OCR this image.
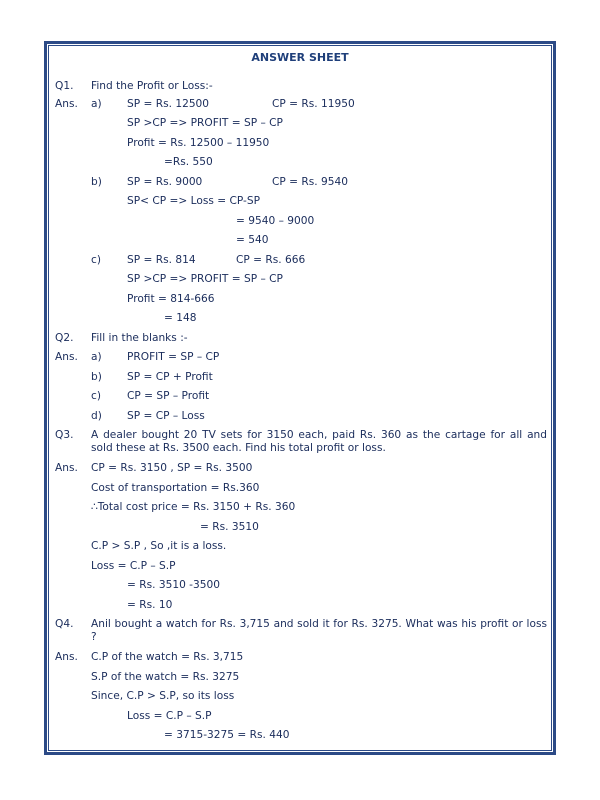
ANSWER SHEET
Q1. Find the Profit or Loss:-
Ans. a) SP = Rs. 12500	CP = Rs. 11950
SP >CP => PROFIT = SP – CP
Profit = Rs. 12500 – 11950
=Rs. 550
b) SP = Rs. 9000	CP = Rs. 9540
SP< CP => Loss = CP-SP
= 9540 – 9000
= 540
c) SP = Rs. 814	CP = Rs. 666
SP >CP => PROFIT = SP – CP
Profit = 814-666
= 148
Q2. Fill in the blanks :-
Ans. a) PROFIT = SP – CP
b) SP = CP + Profit
c) CP = SP – Profit
d) SP = CP – Loss
Q3. A dealer bought 20 TV sets for 3150 each, paid Rs. 360 as the cartage for all and sold these at Rs. 3500 each. Find his total profit or loss.
Ans. CP = Rs. 3150 , SP = Rs. 3500
Cost of transportation = Rs.360
∴Total cost price = Rs. 3150 + Rs. 360
= Rs. 3510
C.P > S.P , So ,it is a loss.
Loss = C.P – S.P
= Rs. 3510 -3500
= Rs. 10
Q4. Anil bought a watch for Rs. 3,715 and sold it for Rs. 3275. What was his profit or loss ?
Ans. C.P of the watch = Rs. 3,715
S.P of the watch = Rs. 3275
Since, C.P > S.P, so its loss
Loss = C.P – S.P
= 3715-3275 = Rs. 440
